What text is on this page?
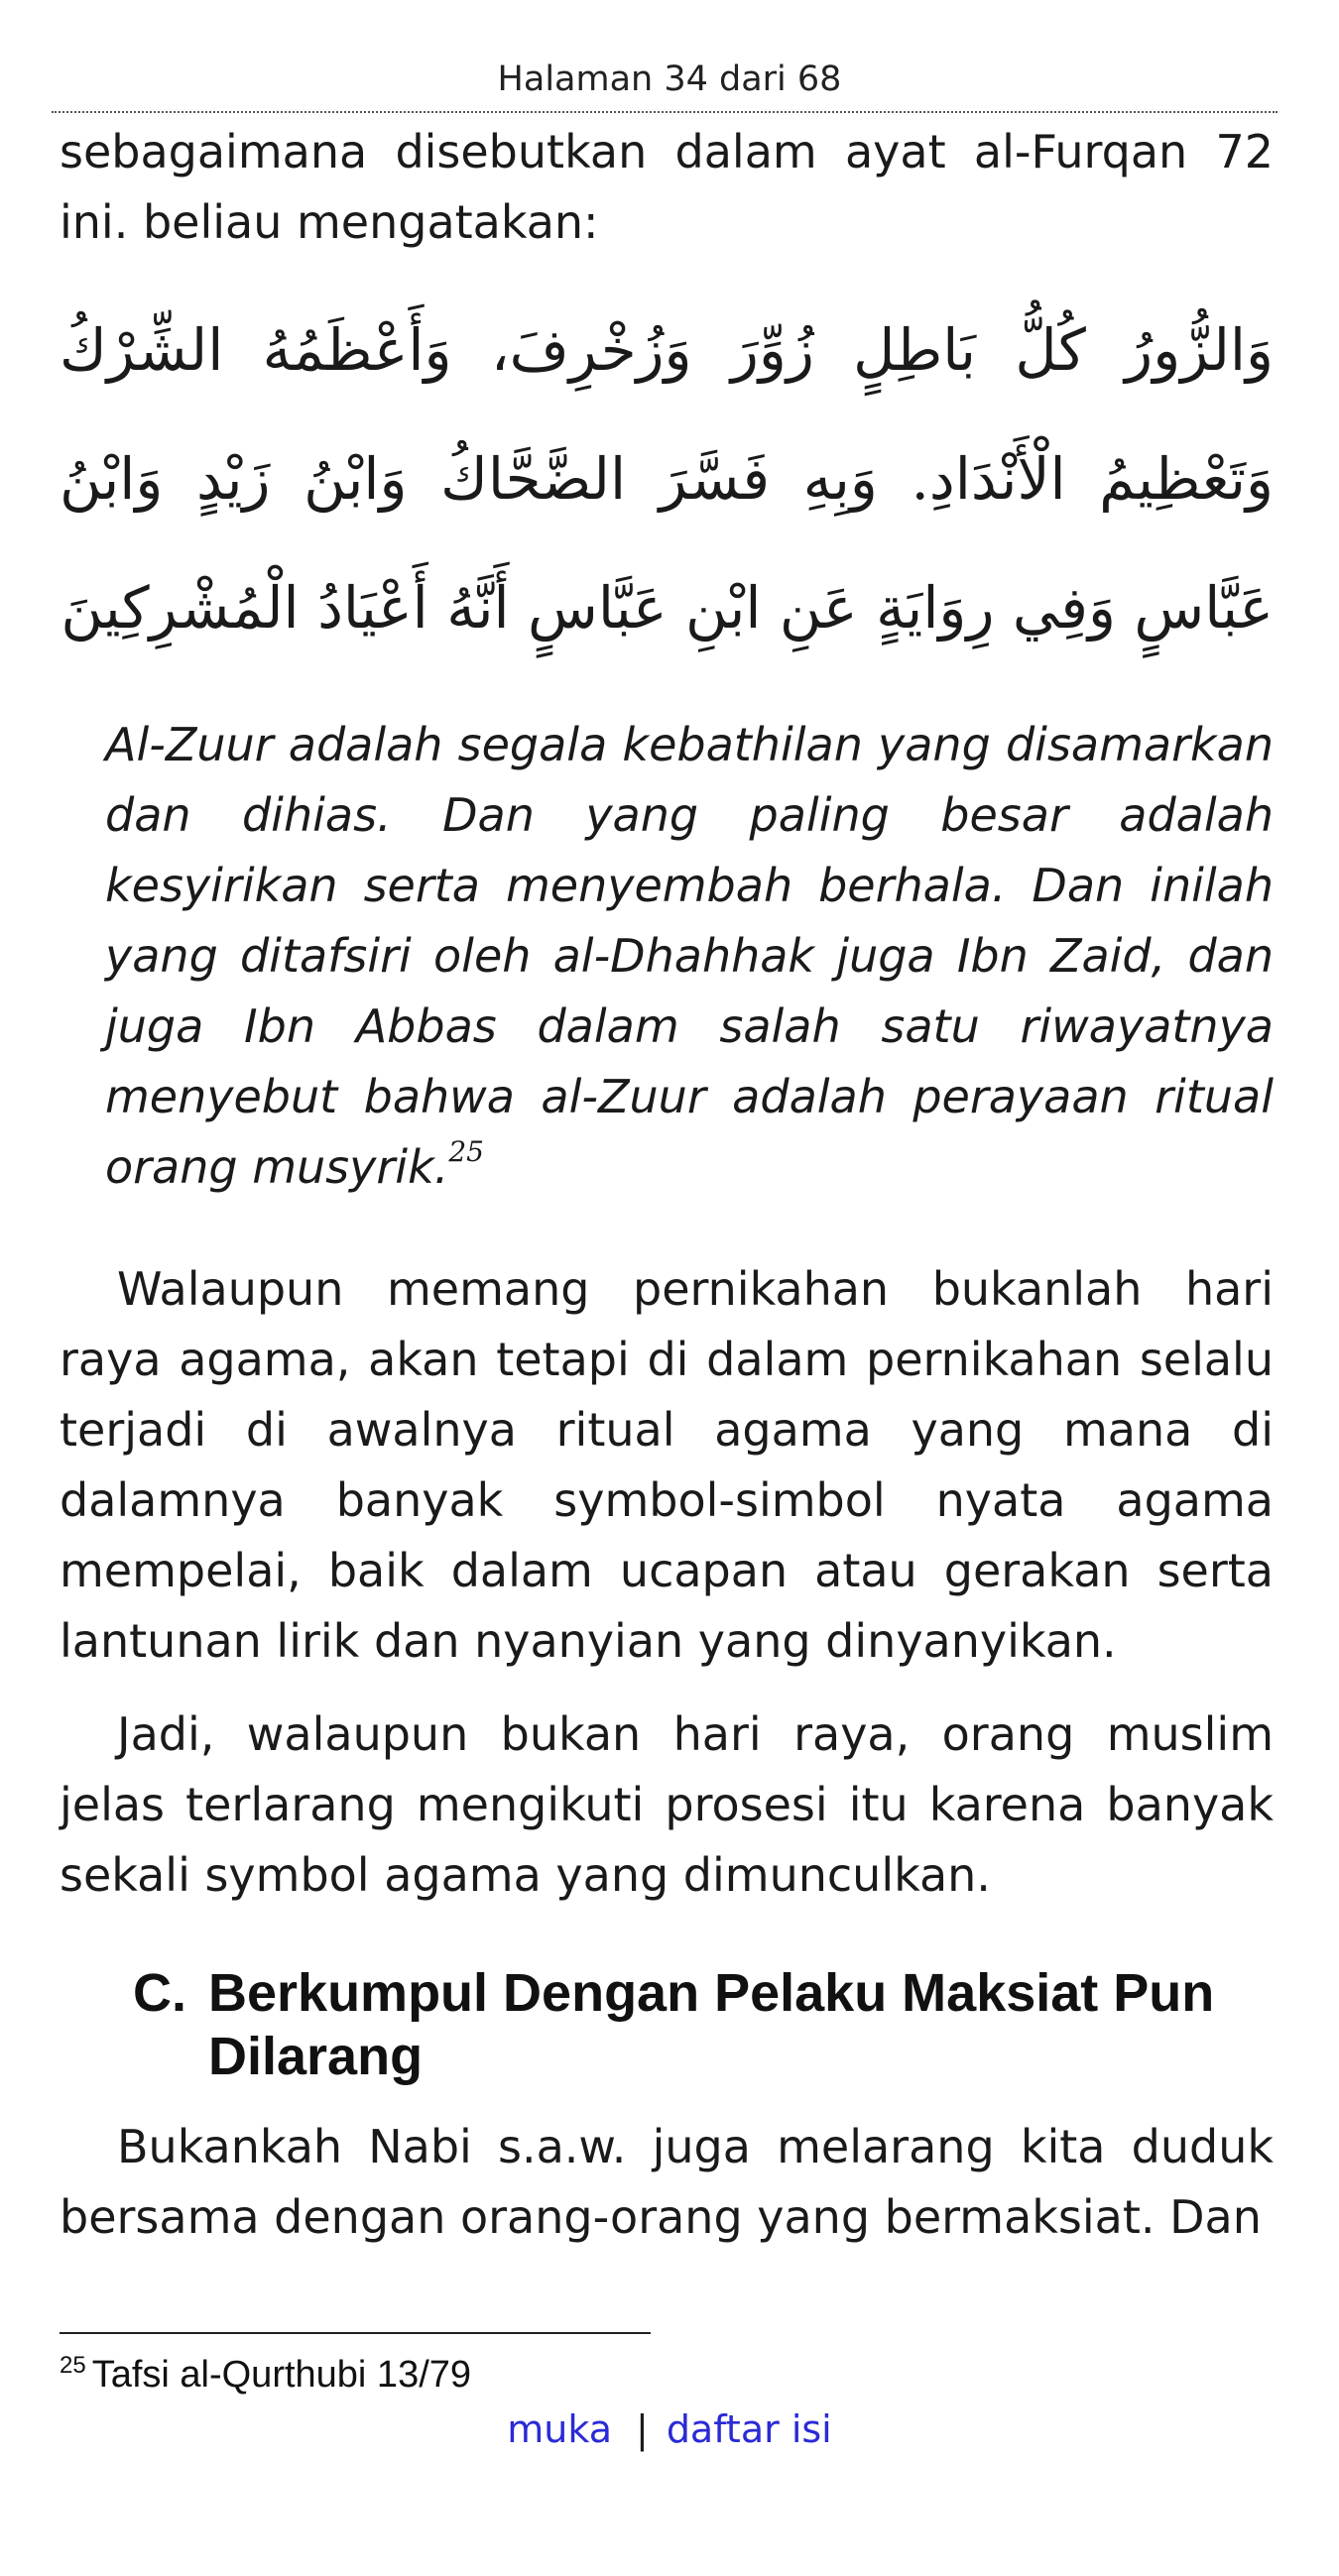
Halaman 34 dari 68

sebagaimana disebutkan dalam ayat al-Furqan 72 ini. beliau mengatakan:

وَالزُّورُ كُلُّ بَاطِلٍ زُوِّرَ وَزُخْرِفَ، وَأَعْظَمُهُ الشِّرْكُ وَتَعْظِيمُ الْأَنْدَادِ. وَبِهِ فَسَّرَ الضَّحَّاكُ وَابْنُ زَيْدٍ وَابْنُ عَبَّاسٍ وَفِي رِوَايَةٍ عَنِ ابْنِ عَبَّاسٍ أَنَّهُ أَعْيَادُ الْمُشْرِكِينَ

Al-Zuur adalah segala kebathilan yang disamarkan dan dihias. Dan yang paling besar adalah kesyirikan serta menyembah berhala. Dan inilah yang ditafsiri oleh al-Dhahhak juga Ibn Zaid, dan juga Ibn Abbas dalam salah satu riwayatnya menyebut bahwa al-Zuur adalah perayaan ritual orang musyrik.$^{25}$

Walaupun memang pernikahan bukanlah hari raya agama, akan tetapi di dalam pernikahan selalu terjadi di awalnya ritual agama yang mana di dalamnya banyak symbol-simbol nyata agama mempelai, baik dalam ucapan atau gerakan serta lantunan lirik dan nyanyian yang dinyanyikan.

Jadi, walaupun bukan hari raya, orang muslim jelas terlarang mengikuti prosesi itu karena banyak sekali symbol agama yang dimunculkan.

C. Berkumpul Dengan Pelaku Maksiat Pun Dilarang

Bukankah Nabi s.a.w. juga melarang kita duduk bersama dengan orang-orang yang bermaksiat. Dan

$^{25}$ Tafsi al-Qurthubi 13/79
muka | daftar isi
